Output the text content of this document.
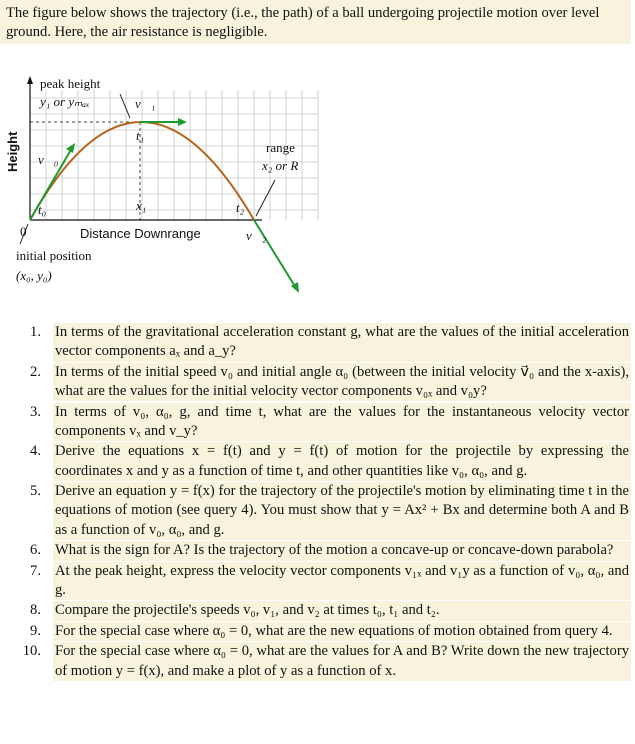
The figure below shows the trajectory (i.e., the path) of a ball undergoing projectile motion over level ground. Here, the air resistance is negligible.
peak height
y₁ or yₘₐₓ	v⃗₁
t₁
v⃗₀
t₀	x₁	t₂
range
x₂ or R
Height
0	Distance Downrange	v⃗₂
initial position
(x₀, y₀)
1. In terms of the gravitational acceleration constant g, what are the values of the initial acceleration vector components aₓ and a_y?
2. In terms of the initial speed v₀ and initial angle α₀ (between the initial velocity v⃗₀ and the x-axis), what are the values for the initial velocity vector components v₀ₓ and v₀y?
3. In terms of v₀, α₀, g, and time t, what are the values for the instantaneous velocity vector components vₓ and v_y?
4. Derive the equations x = f(t) and y = f(t) of motion for the projectile by expressing the coordinates x and y as a function of time t, and other quantities like v₀, α₀, and g.
5. Derive an equation y = f(x) for the trajectory of the projectile's motion by eliminating time t in the equations of motion (see query 4). You must show that y = Ax² + Bx and determine both A and B as a function of v₀, α₀, and g.
6. What is the sign for A? Is the trajectory of the motion a concave-up or concave-down parabola?
7. At the peak height, express the velocity vector components v₁ₓ and v₁y as a function of v₀, α₀, and g.
8. Compare the projectile's speeds v₀, v₁, and v₂ at times t₀, t₁ and t₂.
9. For the special case where α₀ = 0, what are the new equations of motion obtained from query 4.
10. For the special case where α₀ = 0, what are the values for A and B? Write down the new trajectory of motion y = f(x), and make a plot of y as a function of x.
